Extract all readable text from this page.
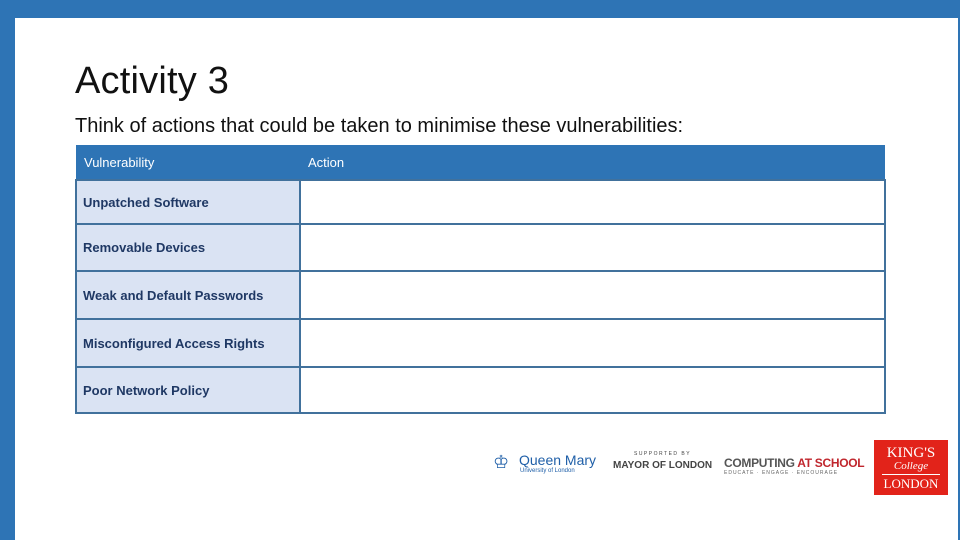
Activity 3
Think of actions that could be taken to minimise these vulnerabilities:
Vulnerability	Action
Unpatched Software	
Removable Devices	
Weak and Default Passwords	
Misconfigured Access Rights	
Poor Network Policy	
♔ Queen Mary
University of London
SUPPORTED BY
MAYOR OF LONDON COMPUTING AT SCHOOL
EDUCATE · ENGAGE · ENCOURAGE
KING'S
College
LONDON
